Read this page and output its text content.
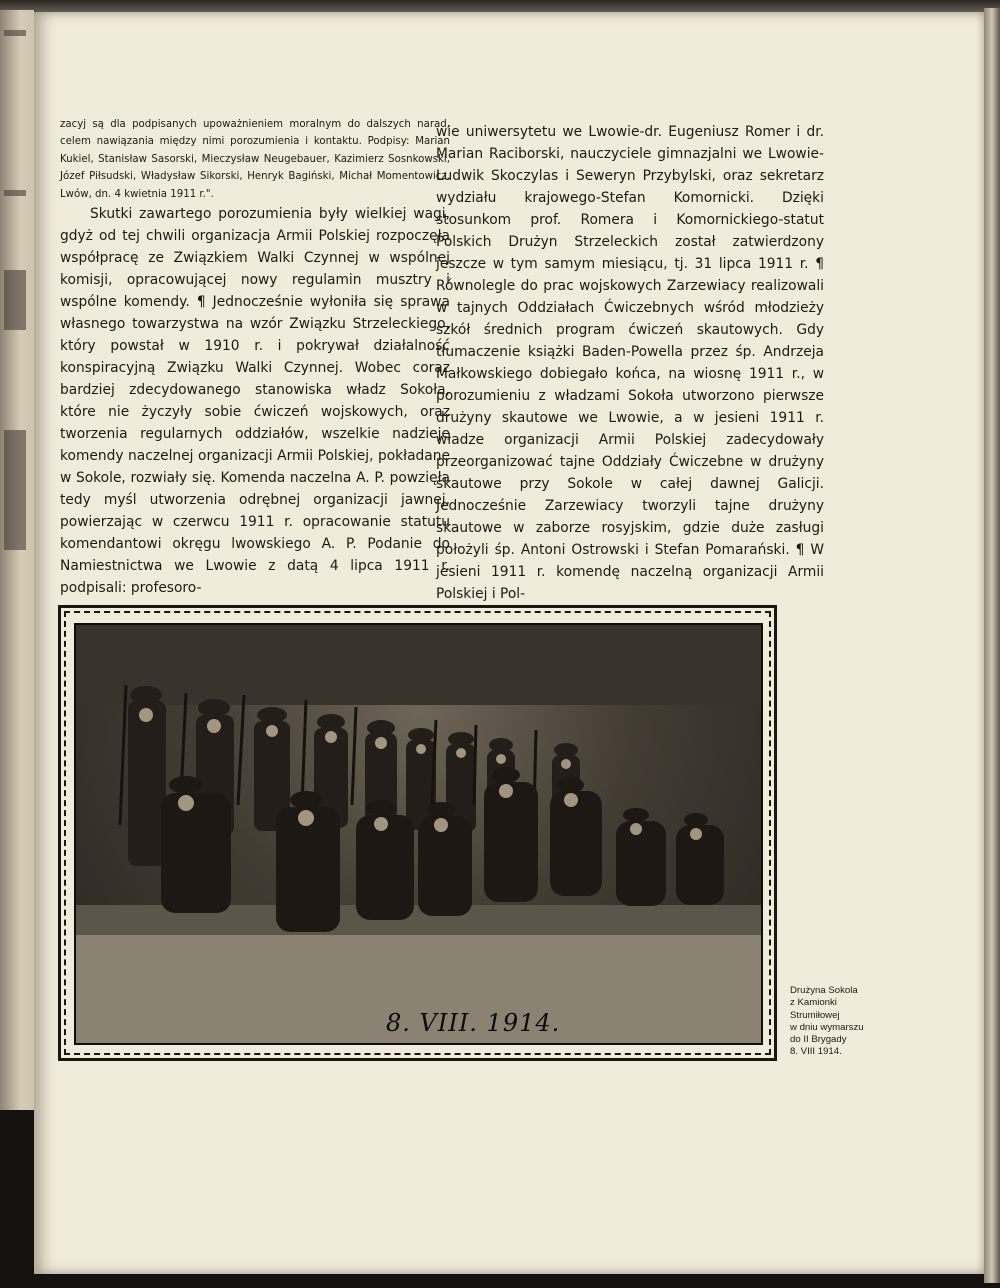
zacyj są dla podpisanych upoważnieniem moralnym do dalszych narad, celem nawiązania między nimi porozumienia i kontaktu. Podpisy: Marian Kukiel, Stanisław Sasorski, Mieczysław Neugebauer, Kazimierz Sosnkowski, Józef Piłsudski, Władysław Sikorski, Henryk Bagiński, Michał Momentowicz. Lwów, dn. 4 kwietnia 1911 r.".

Skutki zawartego porozumienia były wielkiej wagi, gdyż od tej chwili organizacja Armii Polskiej rozpoczęła współpracę ze Związkiem Walki Czynnej w wspólnej komisji, opracowującej nowy regulamin musztry i wspólne komendy. ¶ Jednocześnie wyłoniła się sprawa własnego towarzystwa na wzór Związku Strzeleckiego, który powstał w 1910 r. i pokrywał działalność konspiracyjną Związku Walki Czynnej. Wobec coraz bardziej zdecydowanego stanowiska władz Sokoła, które nie życzyły sobie ćwiczeń wojskowych, oraz tworzenia regularnych oddziałów, wszelkie nadzieje komendy naczelnej organizacji Armii Polskiej, pokładane w Sokole, rozwiały się. Komenda naczelna A. P. powzięła tedy myśl utworzenia odrębnej organizacji jawnej, powierzając w czerwcu 1911 r. opracowanie statutu komendantowi okręgu lwowskiego A. P. Podanie do Namiestnictwa we Lwowie z datą 4 lipca 1911 r. podpisali: profesoro-

wie uniwersytetu we Lwowie-dr. Eugeniusz Romer i dr. Marian Raciborski, nauczyciele gimnazjalni we Lwowie-Ludwik Skoczylas i Seweryn Przybylski, oraz sekretarz wydziału krajowego-Stefan Komornicki. Dzięki stosunkom prof. Romera i Komornickiego-statut Polskich Drużyn Strzeleckich został zatwierdzony jeszcze w tym samym miesiącu, tj. 31 lipca 1911 r. ¶ Równolegle do prac wojskowych Zarzewiacy realizowali w tajnych Oddziałach Ćwiczebnych wśród młodzieży szkół średnich program ćwiczeń skautowych. Gdy tłumaczenie książki Baden-Powella przez śp. Andrzeja Małkowskiego dobiegało końca, na wiosnę 1911 r., w porozumieniu z władzami Sokoła utworzono pierwsze drużyny skautowe we Lwowie, a w jesieni 1911 r. władze organizacji Armii Polskiej zadecydowały przeorganizować tajne Oddziały Ćwiczebne w drużyny skautowe przy Sokole w całej dawnej Galicji. Jednocześnie Zarzewiacy tworzyli tajne drużyny skautowe w zaborze rosyjskim, gdzie duże zasługi położyli śp. Antoni Ostrowski i Stefan Pomarański. ¶ W jesieni 1911 r. komendę naczelną organizacji Armii Polskiej i Pol-

8. VIII. 1914.
Drużyna Sokola
z Kamionki
Strumiłowej
w dniu wymarszu
do II Brygady
8. VIII 1914.
